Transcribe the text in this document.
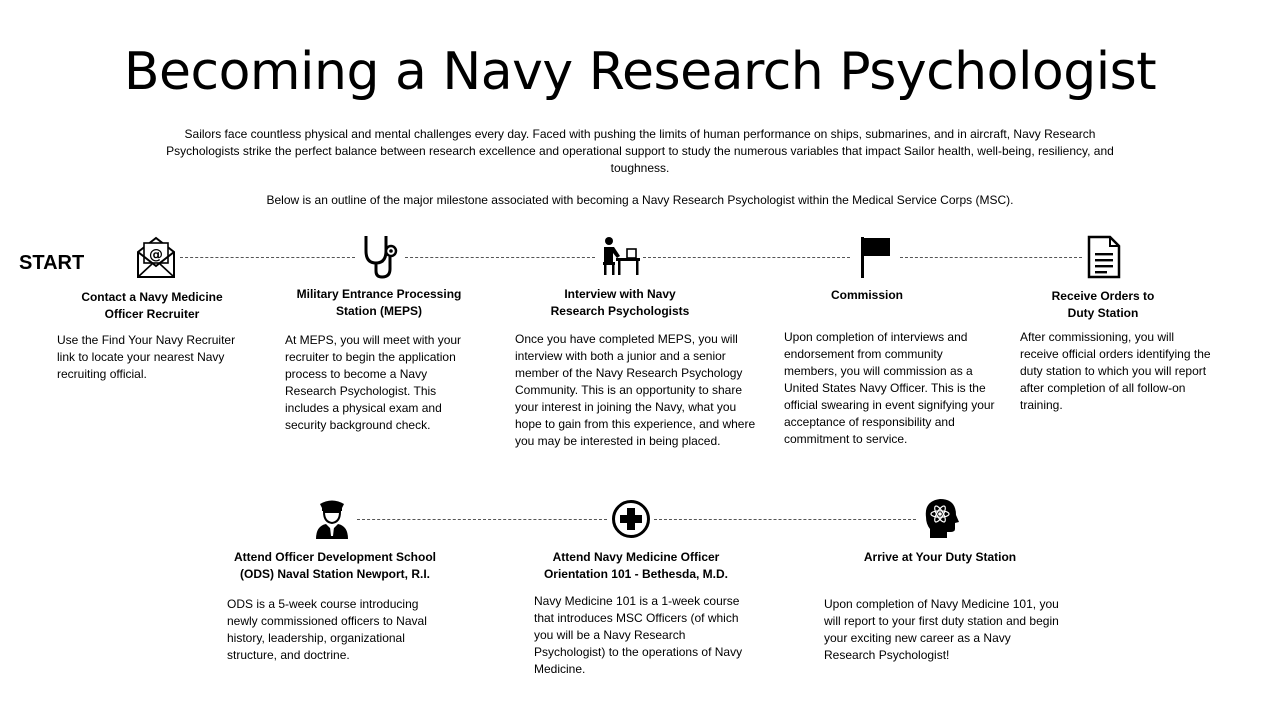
Becoming a Navy Research Psychologist
Sailors face countless physical and mental challenges every day. Faced with pushing the limits of human performance on ships, submarines, and in aircraft, Navy Research Psychologists strike the perfect balance between research excellence and operational support to study the numerous variables that impact Sailor health, well-being, resiliency, and toughness.
Below is an outline of the major milestone associated with becoming a Navy Research Psychologist within the Medical Service Corps (MSC).
START	@
Contact a Navy Medicine Officer Recruiter
Military Entrance Processing Station (MEPS)
Interview with Navy Research Psychologists
Commission	Receive Orders to Duty Station
Attend Officer Development School (ODS) Naval Station Newport, R.I.
Attend Navy Medicine Officer Orientation 101 - Bethesda, M.D.
Arrive at Your Duty Station
Use the Find Your Navy Recruiter link to locate your nearest Navy recruiting official.
At MEPS, you will meet with your recruiter to begin the application process to become a Navy Research Psychologist. This includes a physical exam and security background check.
Once you have completed MEPS, you will interview with both a junior and a senior member of the Navy Research Psychology Community. This is an opportunity to share your interest in joining the Navy, what you hope to gain from this experience, and where you may be interested in being placed.
Upon completion of interviews and endorsement from community members, you will commission as a United States Navy Officer. This is the official swearing in event signifying your acceptance of responsibility and commitment to service.
After commissioning, you will receive official orders identifying the duty station to which you will report after completion of all follow-on training.
ODS is a 5-week course introducing newly commissioned officers to Naval history, leadership, organizational structure, and doctrine.
Navy Medicine 101 is a 1-week course that introduces MSC Officers (of which you will be a Navy Research Psychologist) to the operations of Navy Medicine.
Upon completion of Navy Medicine 101, you will report to your first duty station and begin your exciting new career as a Navy Research Psychologist!
